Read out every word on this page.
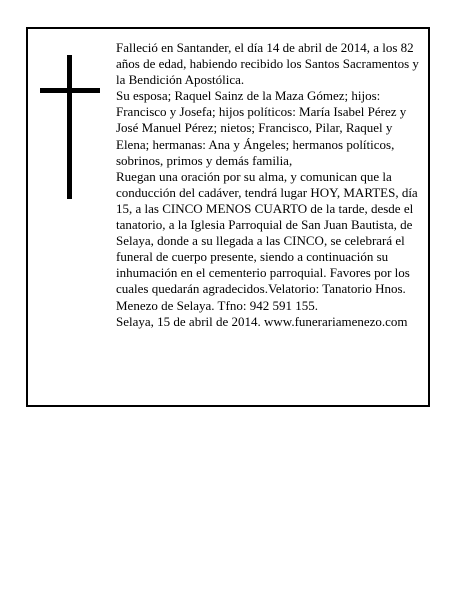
Falleció en Santander, el día 14 de abril de 2014, a los 82 años de edad, habiendo recibido los Santos Sacramentos y la Bendición Apostólica.

Su esposa; Raquel Sainz de la Maza Gómez; hijos: Francisco y Josefa; hijos políticos: María Isabel Pérez y José Manuel Pérez; nietos; Francisco, Pilar, Raquel y Elena; hermanas: Ana y Ángeles; hermanos políticos, sobrinos, primos y demás familia,

Ruegan una oración por su alma, y comunican que la conducción del cadáver, tendrá lugar HOY, MARTES, día 15, a las CINCO MENOS CUARTO de la tarde, desde el tanatorio, a la Iglesia Parroquial de San Juan Bautista, de Selaya, donde a su llegada a las CINCO, se celebrará el funeral de cuerpo presente, siendo a continuación su inhumación en el cementerio parroquial. Favores por los cuales quedarán agradecidos.Velatorio: Tanatorio Hnos. Menezo de Selaya. Tfno: 942 591 155.

Selaya, 15 de abril de 2014. www.funerariamenezo.com
